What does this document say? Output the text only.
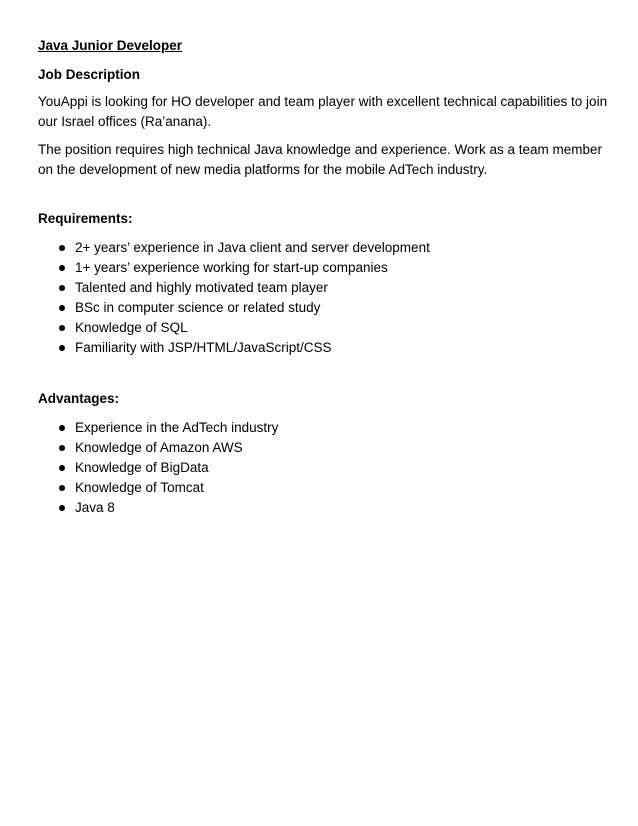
Java Junior Developer

Job Description

YouAppi is looking for HO developer and team player with excellent technical capabilities to join our Israel offices (Ra’anana).

The position requires high technical Java knowledge and experience. Work as a team member on the development of new media platforms for the mobile AdTech industry.

Requirements:

2+ years’ experience in Java client and server development
1+ years’ experience working for start-up companies
Talented and highly motivated team player
BSc in computer science or related study
Knowledge of SQL
Familiarity with JSP/HTML/JavaScript/CSS

Advantages:

Experience in the AdTech industry
Knowledge of Amazon AWS
Knowledge of BigData
Knowledge of Tomcat
Java 8
